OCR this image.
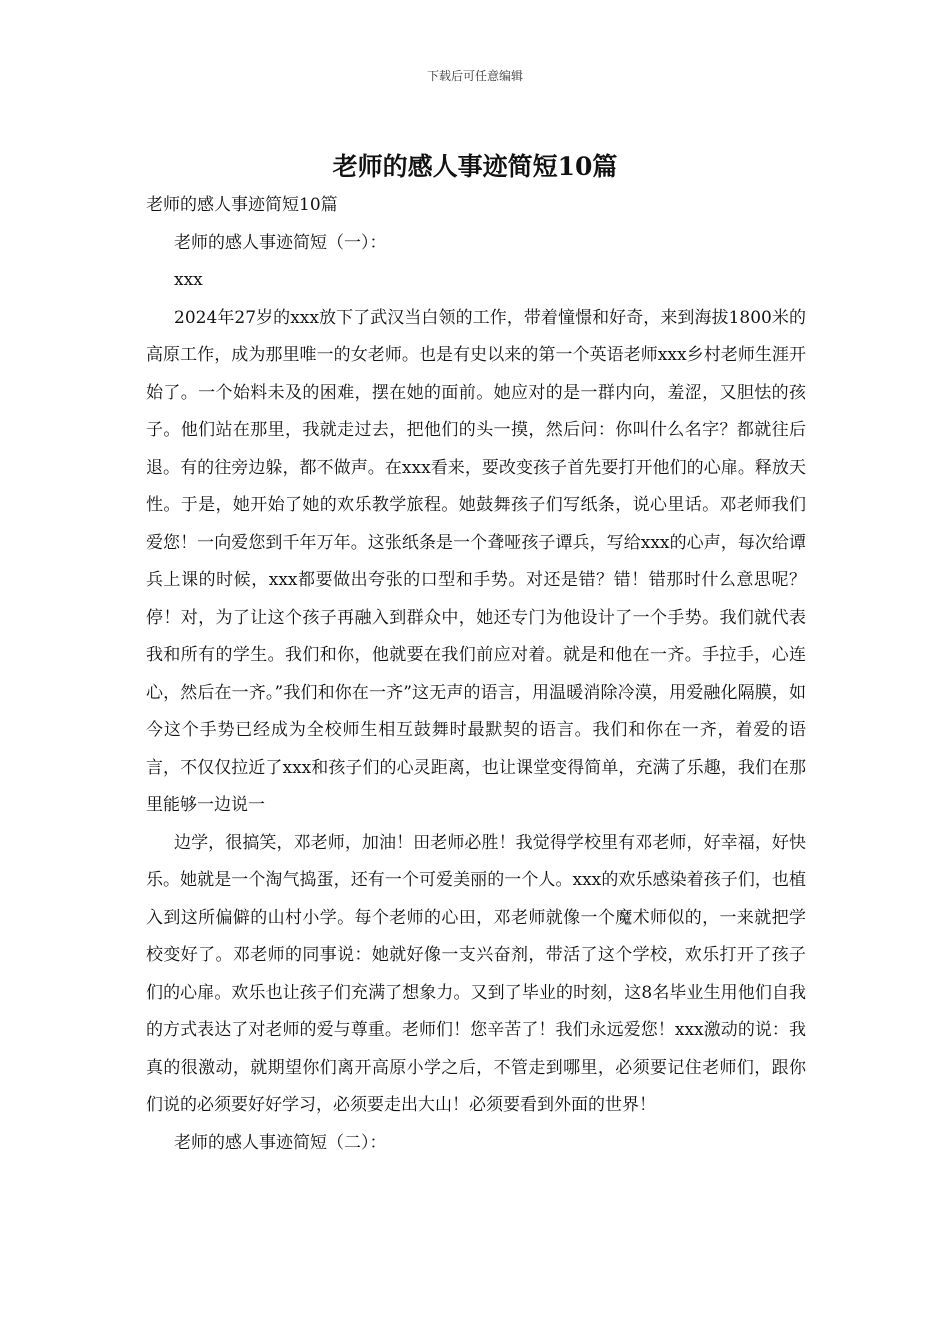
下载后可任意编辑
老师的感人事迹简短10篇

老师的感人事迹简短10篇

老师的感人事迹简短（一）：

xxx

2024年27岁的xxx放下了武汉当白领的工作，带着憧憬和好奇，来到海拔1800米的高原工作，成为那里唯一的女老师。也是有史以来的第一个英语老师xxx乡村老师生涯开始了。一个始料未及的困难，摆在她的面前。她应对的是一群内向，羞涩，又胆怯的孩子。他们站在那里，我就走过去，把他们的头一摸，然后问：你叫什么名字？都就往后退。有的往旁边躲，都不做声。在xxx看来，要改变孩子首先要打开他们的心扉。释放天性。于是，她开始了她的欢乐教学旅程。她鼓舞孩子们写纸条，说心里话。邓老师我们爱您！一向爱您到千年万年。这张纸条是一个聋哑孩子谭兵，写给xxx的心声，每次给谭兵上课的时候，xxx都要做出夸张的口型和手势。对还是错？错！错那时什么意思呢？停！对，为了让这个孩子再融入到群众中，她还专门为他设计了一个手势。我们就代表我和所有的学生。我们和你，他就要在我们前应对着。就是和他在一齐。手拉手，心连心，然后在一齐。”我们和你在一齐”这无声的语言，用温暖消除冷漠，用爱融化隔膜，如今这个手势已经成为全校师生相互鼓舞时最默契的语言。我们和你在一齐，着爱的语言，不仅仅拉近了xxx和孩子们的心灵距离，也让课堂变得简单，充满了乐趣，我们在那里能够一边说一

边学，很搞笑，邓老师，加油！田老师必胜！我觉得学校里有邓老师，好幸福，好快乐。她就是一个淘气捣蛋，还有一个可爱美丽的一个人。xxx的欢乐感染着孩子们，也植入到这所偏僻的山村小学。每个老师的心田，邓老师就像一个魔术师似的，一来就把学校变好了。邓老师的同事说：她就好像一支兴奋剂，带活了这个学校，欢乐打开了孩子们的心扉。欢乐也让孩子们充满了想象力。又到了毕业的时刻，这8名毕业生用他们自我的方式表达了对老师的爱与尊重。老师们！您辛苦了！我们永远爱您！xxx激动的说：我真的很激动，就期望你们离开高原小学之后，不管走到哪里，必须要记住老师们，跟你们说的必须要好好学习，必须要走出大山！必须要看到外面的世界！

老师的感人事迹简短（二）：
